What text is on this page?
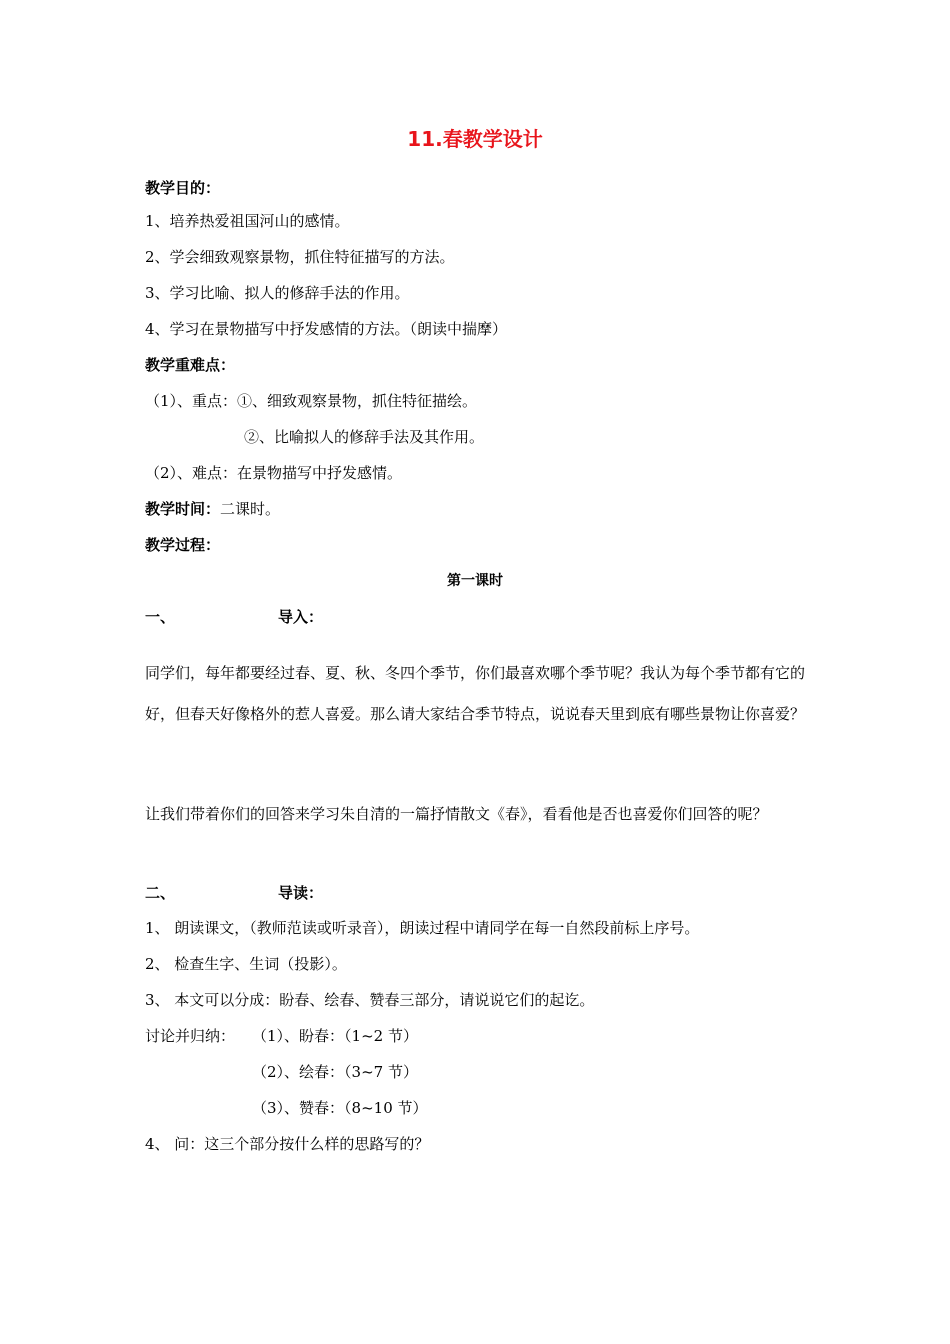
11.春教学设计
教学目的：
1、培养热爱祖国河山的感情。
2、学会细致观察景物，抓住特征描写的方法。
3、学习比喻、拟人的修辞手法的作用。
4、学习在景物描写中抒发感情的方法。（朗读中揣摩）
教学重难点：
（1）、重点：①、细致观察景物，抓住特征描绘。
②、比喻拟人的修辞手法及其作用。
（2）、难点：在景物描写中抒发感情。
教学时间：二课时。
教学过程：
第一课时
一、	导入：
同学们，每年都要经过春、夏、秋、冬四个季节，你们最喜欢哪个季节呢？我认为每个季节都有它的好，但春天好像格外的惹人喜爱。那么请大家结合季节特点，说说春天里到底有哪些景物让你喜爱？
让我们带着你们的回答来学习朱自清的一篇抒情散文《春》，看看他是否也喜爱你们回答的呢？
二、	导读：
1、 朗读课文，（教师范读或听录音），朗读过程中请同学在每一自然段前标上序号。
2、 检查生字、生词（投影）。
3、 本文可以分成：盼春、绘春、赞春三部分，请说说它们的起讫。
讨论并归纳： （1）、盼春：（1~2 节）
（2）、绘春：（3~7 节）
（3）、赞春：（8~10 节）
4、 问：这三个部分按什么样的思路写的？
